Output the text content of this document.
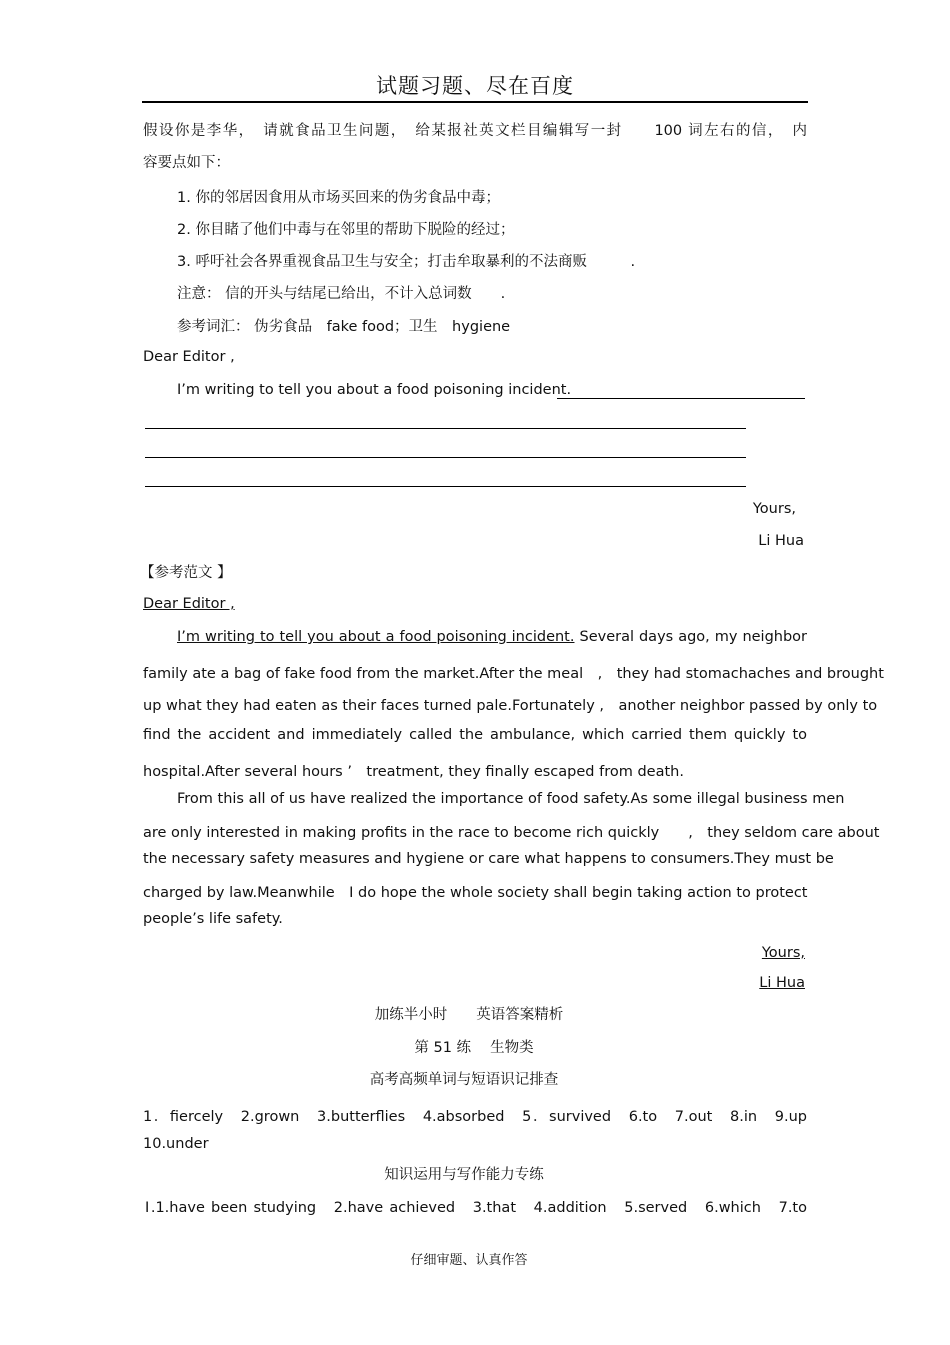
试题习题、尽在百度
假设你是李华，　请就食品卫生问题，　给某报社英文栏目编辑写一封　　100 词左右的信，　内
容要点如下：
1. 你的邻居因食用从市场买回来的伪劣食品中毒；
2. 你目睹了他们中毒与在邻里的帮助下脱险的经过；
3. 呼吁社会各界重视食品卫生与安全；打击牟取暴利的不法商贩　　　.
注意： 信的开头与结尾已给出，不计入总词数　　.
参考词汇： 伪劣食品　fake food；卫生　hygiene
Dear Editor ,
I’m writing to tell you about a food poisoning incident.
Yours,
Li Hua
【参考范文 】
Dear Editor ,
I’m writing to tell you about a food poisoning incident. Several days ago, my neighbor
family ate a bag of fake food from the market.After the meal　,　they had stomachaches and brought
up what they had eaten as their faces turned pale.Fortunately ,　another neighbor passed by only to
find the accident and immediately called the ambulance, which carried them quickly to
hospital.After several hours ’　treatment, they finally escaped from death.
From this all of us have realized the importance of food safety.As some illegal business men
are only interested in making profits in the race to become rich quickly　　,　they seldom care about
the necessary safety measures and hygiene or care what happens to consumers.They must be
charged by law.Meanwhile　I do hope the whole society shall begin taking action to protect
people’s life safety.
Yours,
Li Hua
加练半小时　　英语答案精析
第 51 练　 生物类
高考高频单词与短语识记排查
1．fiercely　2.grown　3.butterflies　4.absorbed　5．survived　6.to　7.out　8.in　9.up
10.under
知识运用与写作能力专练
Ⅰ.1.have been studying　2.have achieved　3.that　4.addition　5.served　6.which　7.to
仔细审题、认真作答
